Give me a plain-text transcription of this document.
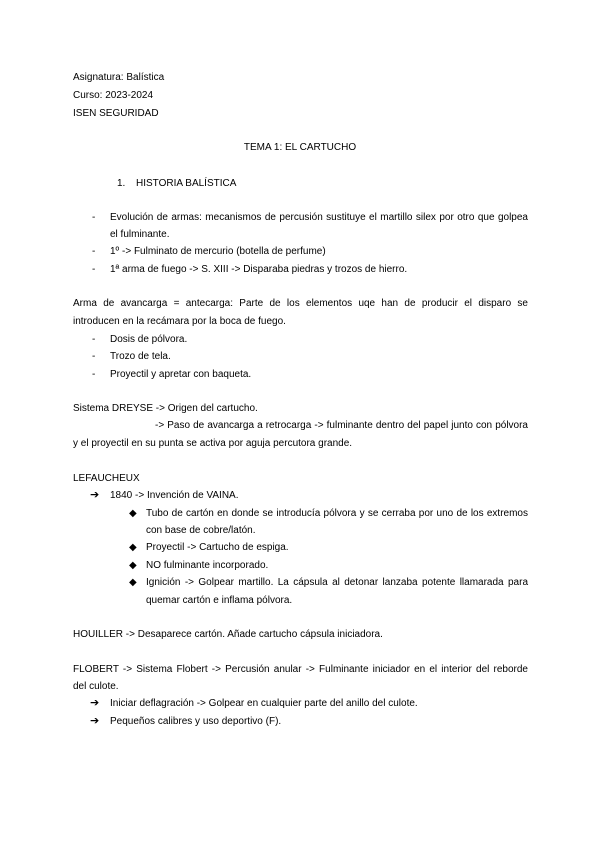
Asignatura: Balística
Curso: 2023-2024
ISEN SEGURIDAD
TEMA 1: EL CARTUCHO
1. HISTORIA BALÍSTICA
- Evolución de armas: mecanismos de percusión sustituye el martillo silex por otro que golpea
el fulminante.
- 1º -> Fulminato de mercurio (botella de perfume)
- 1ª arma de fuego -> S. XIII -> Disparaba piedras y trozos de hierro.
Arma de avancarga = antecarga: Parte de los elementos uqe han de producir el disparo se
introducen en la recámara por la boca de fuego.
- Dosis de pólvora.
- Trozo de tela.
- Proyectil y apretar con baqueta.
Sistema DREYSE -> Origen del cartucho.
-> Paso de avancarga a retrocarga -> fulminante dentro del papel junto con pólvora
y el proyectil en su punta se activa por aguja percutora grande.
LEFAUCHEUX
➔ 1840 -> Invención de VAINA.
◆ Tubo de cartón en donde se introducía pólvora y se cerraba por uno de los extremos
con base de cobre/latón.
◆ Proyectil -> Cartucho de espiga.
◆ NO fulminante incorporado.
◆ Ignición -> Golpear martillo. La cápsula al detonar lanzaba potente llamarada para
quemar cartón e inflama pólvora.
HOUILLER -> Desaparece cartón. Añade cartucho cápsula iniciadora.
FLOBERT -> Sistema Flobert -> Percusión anular -> Fulminante iniciador en el interior del reborde
del culote.
➔ Iniciar deflagración -> Golpear en cualquier parte del anillo del culote.
➔ Pequeños calibres y uso deportivo (F).
